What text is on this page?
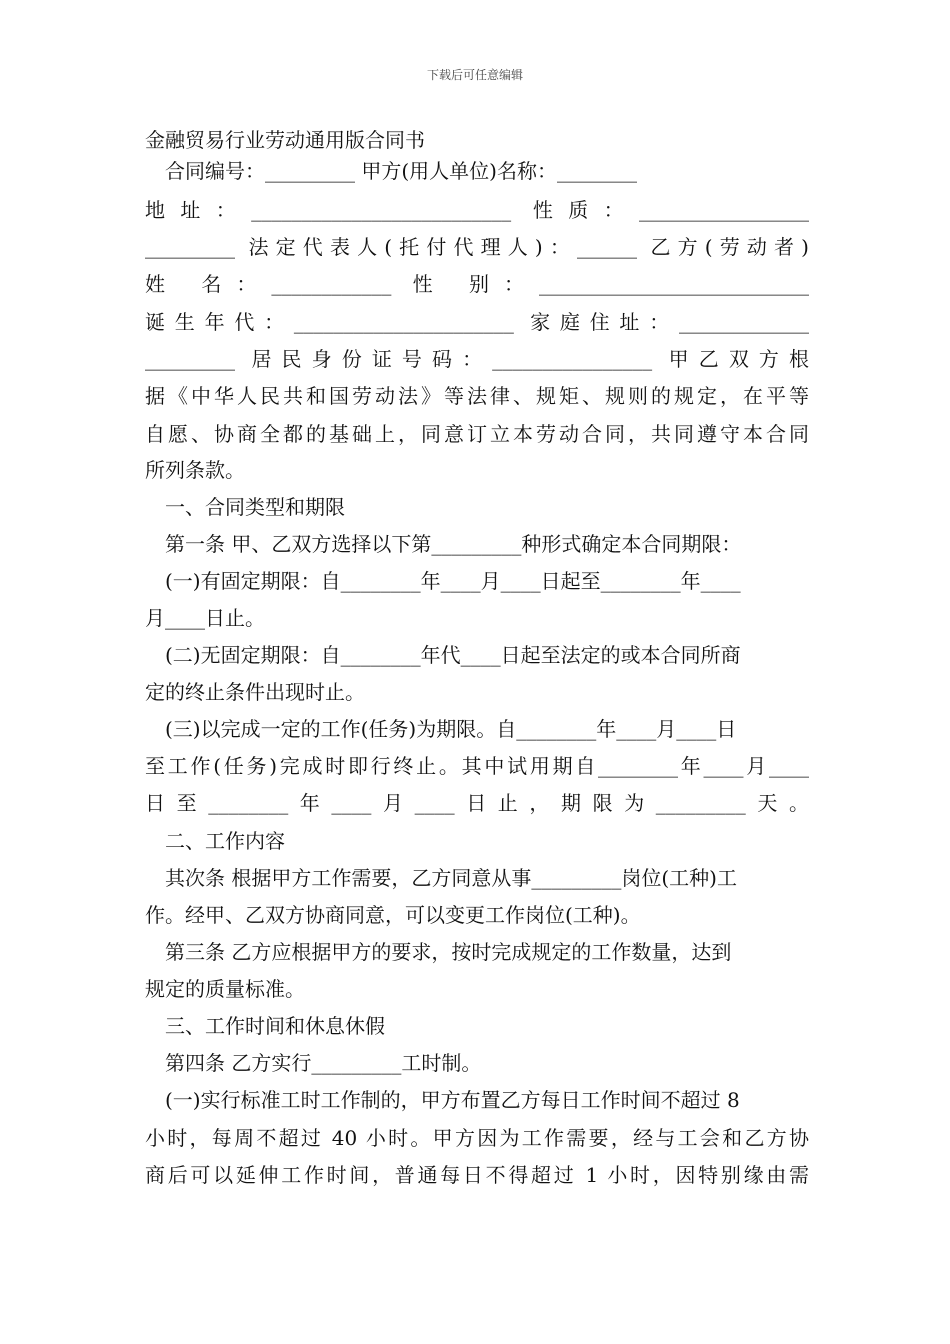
下载后可任意编辑
金融贸易行业劳动通用版合同书
合同编号：_________ 甲方(用人单位)名称：________
地址：__________________________ 性质：_________________
_________ 法定代表人(托付代理人)：______ 乙方(劳动者)
姓 名：____________ 性 别：___________________________
诞生年代：______________________ 家庭住址：_____________
_________ 居民身份证号码：________________ 甲乙双方根
据《中华人民共和国劳动法》等法律、规矩、规则的规定，在平等
自愿、协商全都的基础上，同意订立本劳动合同，共同遵守本合同
所列条款。
一、合同类型和期限
第一条 甲、乙双方选择以下第_________种形式确定本合同期限：
(一)有固定期限：自________年____月____日起至________年____
月____日止。
(二)无固定期限：自________年代____日起至法定的或本合同所商
定的终止条件出现时止。
(三)以完成一定的工作(任务)为期限。自________年____月____日
至工作(任务)完成时即行终止。其中试用期自________年____月____
日至________年____月____日止，期限为_________天。
二、工作内容
其次条 根据甲方工作需要，乙方同意从事_________岗位(工种)工
作。经甲、乙双方协商同意，可以变更工作岗位(工种)。
第三条 乙方应根据甲方的要求，按时完成规定的工作数量，达到
规定的质量标准。
三、工作时间和休息休假
第四条 乙方实行_________工时制。
(一)实行标准工时工作制的，甲方布置乙方每日工作时间不超过 8
小时，每周不超过 40 小时。甲方因为工作需要，经与工会和乙方协
商后可以延伸工作时间，普通每日不得超过 1 小时，因特别缘由需
